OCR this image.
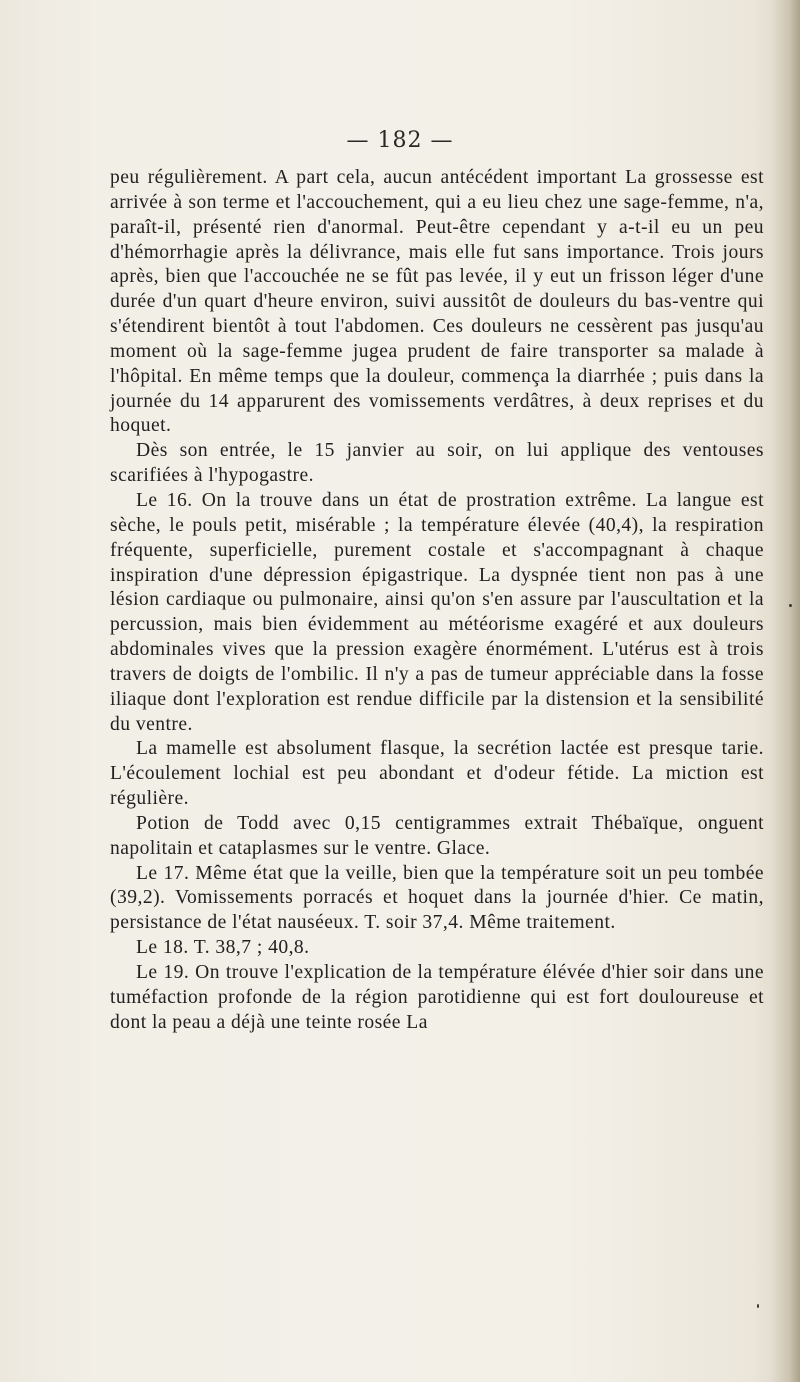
— 182 —

peu régulièrement. A part cela, aucun antécédent important La grossesse est arrivée à son terme et l'accouchement, qui a eu lieu chez une sage-femme, n'a, paraît-il, présenté rien d'anormal. Peut-être cependant y a-t-il eu un peu d'hémorrhagie après la délivrance, mais elle fut sans importance. Trois jours après, bien que l'accouchée ne se fût pas levée, il y eut un frisson léger d'une durée d'un quart d'heure environ, suivi aussitôt de douleurs du bas-ventre qui s'étendirent bientôt à tout l'abdomen. Ces douleurs ne cessèrent pas jusqu'au moment où la sage-femme jugea prudent de faire transporter sa malade à l'hôpital. En même temps que la douleur, commença la diarrhée ; puis dans la journée du 14 apparurent des vomissements verdâtres, à deux reprises et du hoquet.

Dès son entrée, le 15 janvier au soir, on lui applique des ventouses scarifiées à l'hypogastre.

Le 16. On la trouve dans un état de prostration extrême. La langue est sèche, le pouls petit, misérable ; la température élevée (40,4), la respiration fréquente, superficielle, purement costale et s'accompagnant à chaque inspiration d'une dépression épigastrique. La dyspnée tient non pas à une lésion cardiaque ou pulmonaire, ainsi qu'on s'en assure par l'auscultation et la percussion, mais bien évidemment au météorisme exagéré et aux douleurs abdominales vives que la pression exagère énormément. L'utérus est à trois travers de doigts de l'ombilic. Il n'y a pas de tumeur appréciable dans la fosse iliaque dont l'exploration est rendue difficile par la distension et la sensibilité du ventre.

La mamelle est absolument flasque, la secrétion lactée est presque tarie. L'écoulement lochial est peu abondant et d'odeur fétide. La miction est régulière.

Potion de Todd avec 0,15 centigrammes extrait Thébaïque, onguent napolitain et cataplasmes sur le ventre. Glace.

Le 17. Même état que la veille, bien que la température soit un peu tombée (39,2). Vomissements porracés et hoquet dans la journée d'hier. Ce matin, persistance de l'état nauséeux. T. soir 37,4. Même traitement.

Le 18. T. 38,7 ; 40,8.

Le 19. On trouve l'explication de la température élévée d'hier soir dans une tuméfaction profonde de la région parotidienne qui est fort douloureuse et dont la peau a déjà une teinte rosée La
